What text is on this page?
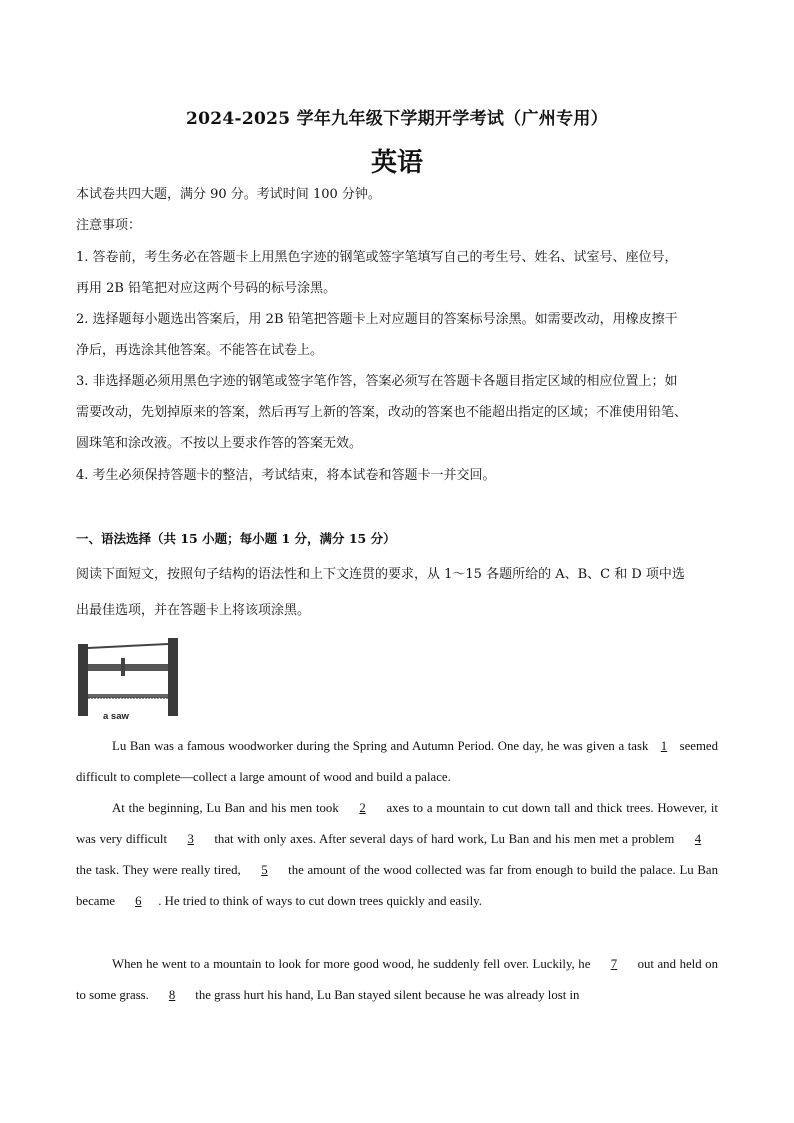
2024-2025 学年九年级下学期开学考试（广州专用）
英语
本试卷共四大题，满分 90 分。考试时间 100 分钟。
注意事项：
1. 答卷前，考生务必在答题卡上用黑色字迹的钢笔或签字笔填写自己的考生号、姓名、试室号、座位号，
再用 2B 铅笔把对应这两个号码的标号涂黑。
2. 选择题每小题选出答案后，用 2B 铅笔把答题卡上对应题目的答案标号涂黑。如需要改动，用橡皮擦干
净后，再选涂其他答案。不能答在试卷上。
3. 非选择题必须用黑色字迹的钢笔或签字笔作答，答案必须写在答题卡各题目指定区域的相应位置上；如
需要改动，先划掉原来的答案，然后再写上新的答案，改动的答案也不能超出指定的区域；不准使用铅笔、
圆珠笔和涂改液。不按以上要求作答的答案无效。
4. 考生必须保持答题卡的整洁，考试结束，将本试卷和答题卡一并交回。
一、语法选择（共 15 小题；每小题 1 分，满分 15 分）
阅读下面短文，按照句子结构的语法性和上下文连贯的要求，从 1～15 各题所给的 A、B、C 和 D 项中选
出最佳选项，并在答题卡上将该项涂黑。
a saw
Lu Ban was a famous woodworker during the Spring and Autumn Period. One day, he was given a task 1 seemed difficult to complete—collect a large amount of wood and build a palace.
At the beginning, Lu Ban and his men took 2 axes to a mountain to cut down tall and thick trees. However, it was very difficult 3 that with only axes. After several days of hard work, Lu Ban and his men met a problem 4 the task. They were really tired, 5 the amount of the wood collected was far from enough to build the palace. Lu Ban became 6 . He tried to think of ways to cut down trees quickly and easily.
When he went to a mountain to look for more good wood, he suddenly fell over. Luckily, he 7 out and held on to some grass. 8 the grass hurt his hand, Lu Ban stayed silent because he was already lost in
